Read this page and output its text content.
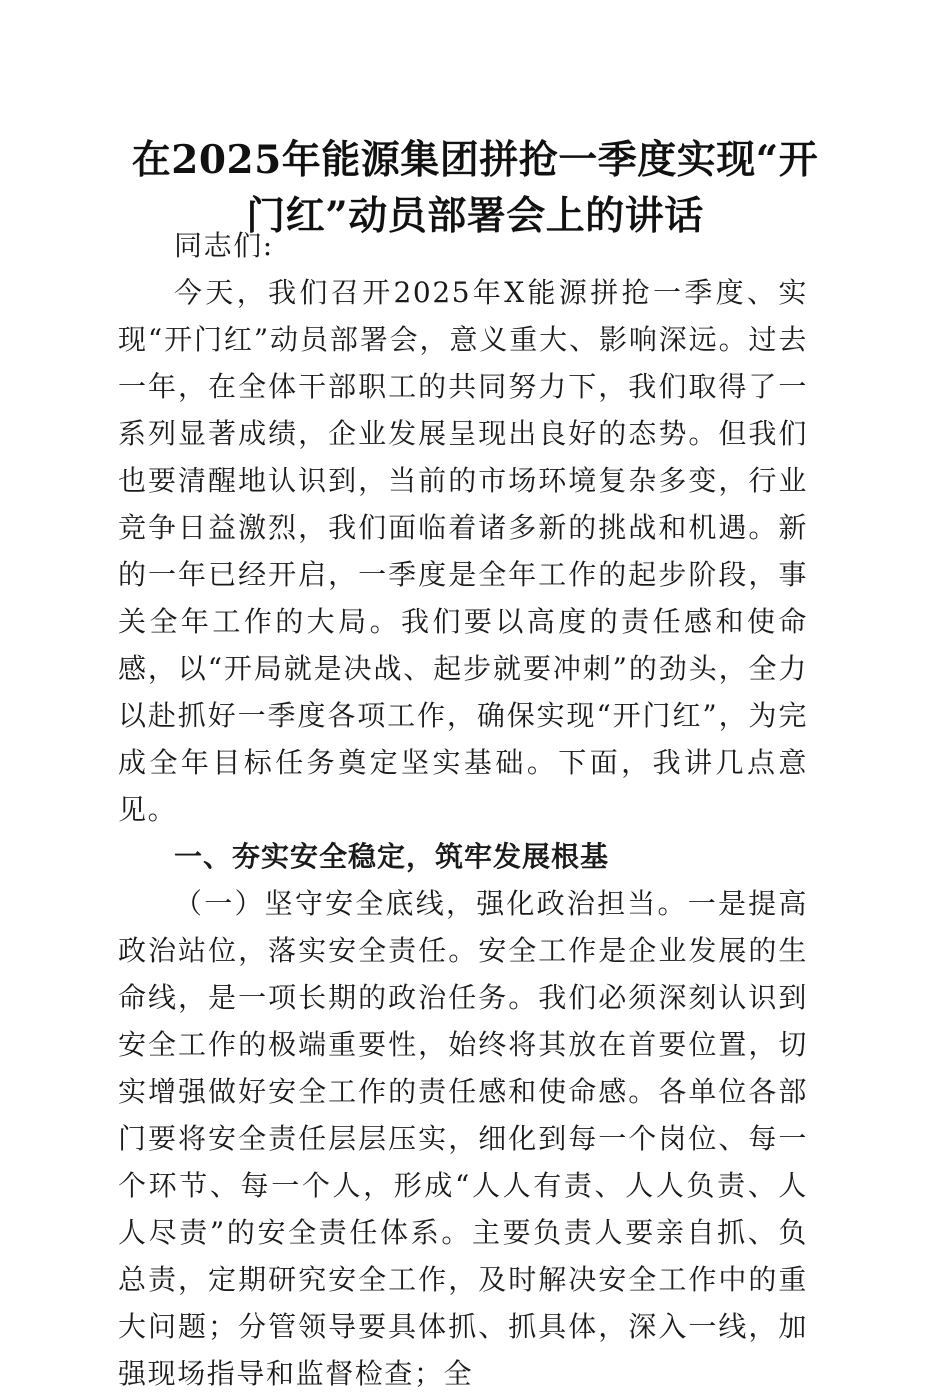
在2025年能源集团拼抢一季度实现“开门红”动员部署会上的讲话

同志们:

今天，我们召开2025年X能源拼抢一季度、实现“开门红”动员部署会，意义重大、影响深远。过去一年，在全体干部职工的共同努力下，我们取得了一系列显著成绩，企业发展呈现出良好的态势。但我们也要清醒地认识到，当前的市场环境复杂多变，行业竞争日益激烈，我们面临着诸多新的挑战和机遇。新的一年已经开启，一季度是全年工作的起步阶段，事关全年工作的大局。我们要以高度的责任感和使命感，以“开局就是决战、起步就要冲刺”的劲头，全力以赴抓好一季度各项工作，确保实现“开门红”，为完成全年目标任务奠定坚实基础。下面，我讲几点意见。

一、夯实安全稳定，筑牢发展根基

（一）坚守安全底线，强化政治担当。一是提高政治站位，落实安全责任。安全工作是企业发展的生命线，是一项长期的政治任务。我们必须深刻认识到安全工作的极端重要性，始终将其放在首要位置，切实增强做好安全工作的责任感和使命感。各单位各部门要将安全责任层层压实，细化到每一个岗位、每一个环节、每一个人，形成“人人有责、人人负责、人人尽责”的安全责任体系。主要负责人要亲自抓、负总责，定期研究安全工作，及时解决安全工作中的重大问题；分管领导要具体抓、抓具体，深入一线，加强现场指导和监督检查；全
